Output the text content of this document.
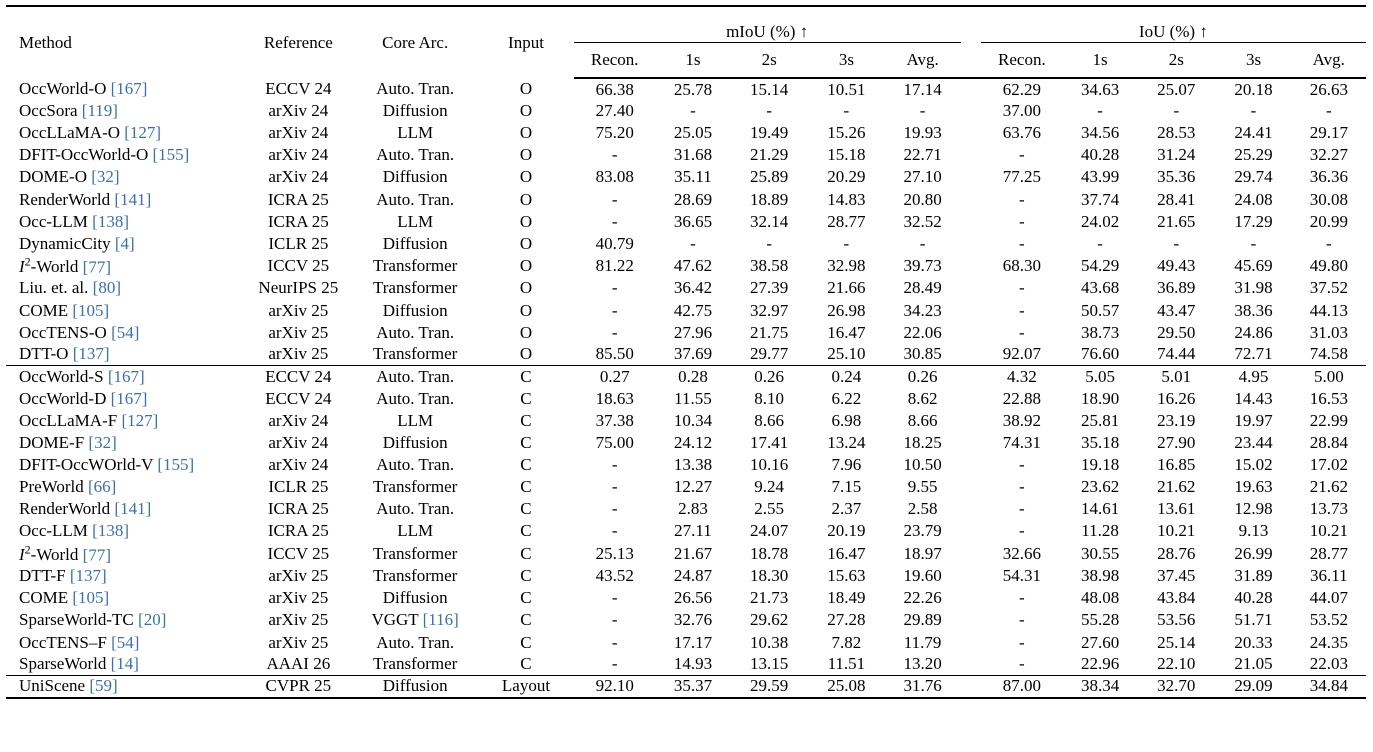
Method	Reference	Core Arc.	Input	mIoU (%) ↑						IoU (%) ↑				
				Recon.	1s	2s	3s	Avg.		Recon.	1s	2s	3s	Avg.
OccWorld-O [167]	ECCV 24	Auto. Tran.	O	66.38	25.78	15.14	10.51	17.14		62.29	34.63	25.07	20.18	26.63
OccSora [119]	arXiv 24	Diffusion	O	27.40	-	-	-	-		37.00	-	-	-	-
OccLLaMA-O [127]	arXiv 24	LLM	O	75.20	25.05	19.49	15.26	19.93		63.76	34.56	28.53	24.41	29.17
DFIT-OccWorld-O [155]	arXiv 24	Auto. Tran.	O	-	31.68	21.29	15.18	22.71		-	40.28	31.24	25.29	32.27
DOME-O [32]	arXiv 24	Diffusion	O	83.08	35.11	25.89	20.29	27.10		77.25	43.99	35.36	29.74	36.36
RenderWorld [141]	ICRA 25	Auto. Tran.	O	-	28.69	18.89	14.83	20.80		-	37.74	28.41	24.08	30.08
Occ-LLM [138]	ICRA 25	LLM	O	-	36.65	32.14	28.77	32.52		-	24.02	21.65	17.29	20.99
DynamicCity [4]	ICLR 25	Diffusion	O	40.79	-	-	-	-		-	-	-	-	-
$I^2$-World [77]	ICCV 25	Transformer	O	81.22	47.62	38.58	32.98	39.73		68.30	54.29	49.43	45.69	49.80
Liu. et. al. [80]	NeurIPS 25	Transformer	O	-	36.42	27.39	21.66	28.49		-	43.68	36.89	31.98	37.52
COME [105]	arXiv 25	Diffusion	O	-	42.75	32.97	26.98	34.23		-	50.57	43.47	38.36	44.13
OccTENS-O [54]	arXiv 25	Auto. Tran.	O	-	27.96	21.75	16.47	22.06		-	38.73	29.50	24.86	31.03
DTT-O [137]	arXiv 25	Transformer	O	85.50	37.69	29.77	25.10	30.85		92.07	76.60	74.44	72.71	74.58
OccWorld-S [167]	ECCV 24	Auto. Tran.	C	0.27	0.28	0.26	0.24	0.26		4.32	5.05	5.01	4.95	5.00
OccWorld-D [167]	ECCV 24	Auto. Tran.	C	18.63	11.55	8.10	6.22	8.62		22.88	18.90	16.26	14.43	16.53
OccLLaMA-F [127]	arXiv 24	LLM	C	37.38	10.34	8.66	6.98	8.66		38.92	25.81	23.19	19.97	22.99
DOME-F [32]	arXiv 24	Diffusion	C	75.00	24.12	17.41	13.24	18.25		74.31	35.18	27.90	23.44	28.84
DFIT-OccWOrld-V [155]	arXiv 24	Auto. Tran.	C	-	13.38	10.16	7.96	10.50		-	19.18	16.85	15.02	17.02
PreWorld [66]	ICLR 25	Transformer	C	-	12.27	9.24	7.15	9.55		-	23.62	21.62	19.63	21.62
RenderWorld [141]	ICRA 25	Auto. Tran.	C	-	2.83	2.55	2.37	2.58		-	14.61	13.61	12.98	13.73
Occ-LLM [138]	ICRA 25	LLM	C	-	27.11	24.07	20.19	23.79		-	11.28	10.21	9.13	10.21
$I^2$-World [77]	ICCV 25	Transformer	C	25.13	21.67	18.78	16.47	18.97		32.66	30.55	28.76	26.99	28.77
DTT-F [137]	arXiv 25	Transformer	C	43.52	24.87	18.30	15.63	19.60		54.31	38.98	37.45	31.89	36.11
COME [105]	arXiv 25	Diffusion	C	-	26.56	21.73	18.49	22.26		-	48.08	43.84	40.28	44.07
SparseWorld-TC [20]	arXiv 25	VGGT [116]	C	-	32.76	29.62	27.28	29.89		-	55.28	53.56	51.71	53.52
OccTENS–F [54]	arXiv 25	Auto. Tran.	C	-	17.17	10.38	7.82	11.79		-	27.60	25.14	20.33	24.35
SparseWorld [14]	AAAI 26	Transformer	C	-	14.93	13.15	11.51	13.20		-	22.96	22.10	21.05	22.03
UniScene [59]	CVPR 25	Diffusion	Layout	92.10	35.37	29.59	25.08	31.76		87.00	38.34	32.70	29.09	34.84
